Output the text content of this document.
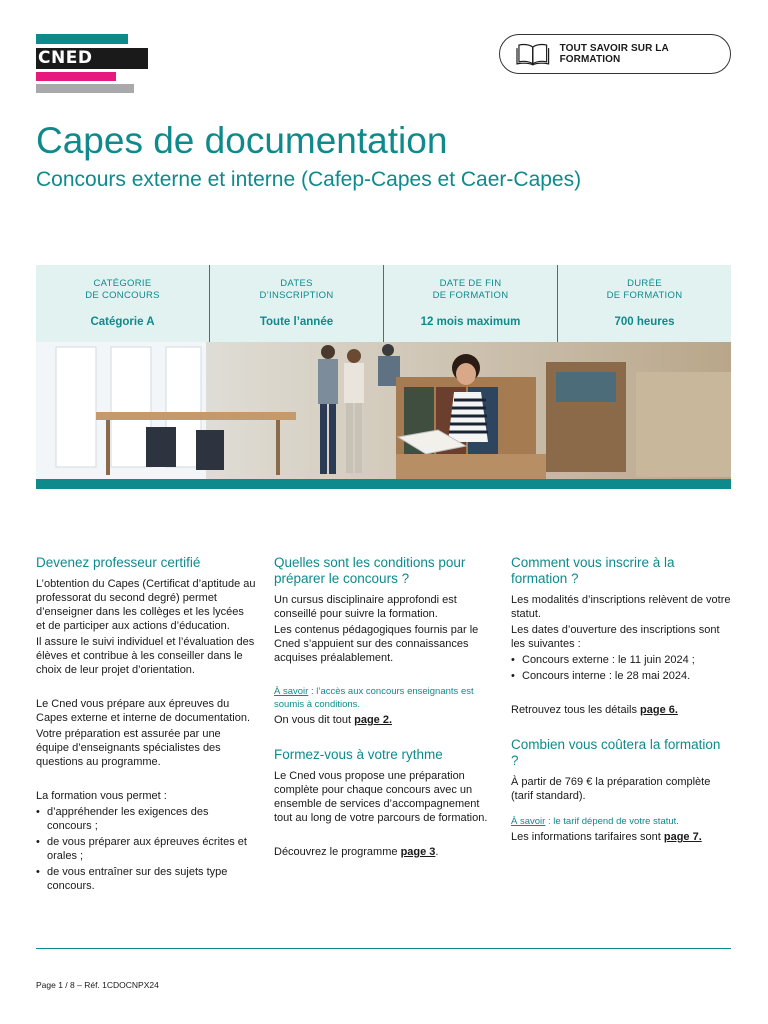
CNED	TOUT SAVOIR SUR LA FORMATION
Capes de documentation
Concours externe et interne (Cafep-Capes et Caer-Capes)
CATÉGORIE
DE CONCOURS
Catégorie A
DATES
D’INSCRIPTION
Toute l’année
DATE DE FIN
DE FORMATION
12 mois maximum
DURÉE
DE FORMATION
700 heures
Devenez professeur certifié

L’obtention du Capes (Certificat d’aptitude au professorat du second degré) permet d’enseigner dans les collèges et les lycées et de participer aux actions d’éducation.

Il assure le suivi individuel et l’évaluation des élèves et contribue à les conseiller dans le choix de leur projet d’orientation.

Le Cned vous prépare aux épreuves du Capes externe et interne de documentation.

Votre préparation est assurée par une équipe d’enseignants spécialistes des questions au programme.

La formation vous permet :

• d’appréhender les exigences des concours ;
• de vous préparer aux épreuves écrites et orales ;
• de vous entraîner sur des sujets type concours.
Quelles sont les conditions pour préparer le concours ?

Un cursus disciplinaire approfondi est conseillé pour suivre la formation.

Les contenus pédagogiques fournis par le Cned s’appuient sur des connaissances acquises préalablement.

À savoir : l’accès aux concours enseignants est soumis à conditions.

On vous dit tout page 2.

Formez-vous à votre rythme

Le Cned vous propose une préparation complète pour chaque concours avec un ensemble de services d’accompagnement tout au long de votre parcours de formation.

Découvrez le programme page 3.

Comment vous inscrire à la formation ?

Les modalités d’inscriptions relèvent de votre statut.

Les dates d’ouverture des inscriptions sont les suivantes :

• Concours externe : le 11 juin 2024 ;
• Concours interne : le 28 mai 2024.

Retrouvez tous les détails page 6.

Combien vous coûtera la formation ?

À partir de 769 € la préparation complète (tarif standard).

À savoir : le tarif dépend de votre statut.

Les informations tarifaires sont page 7.

Page 1 / 8 – Réf. 1CDOCNPX24
